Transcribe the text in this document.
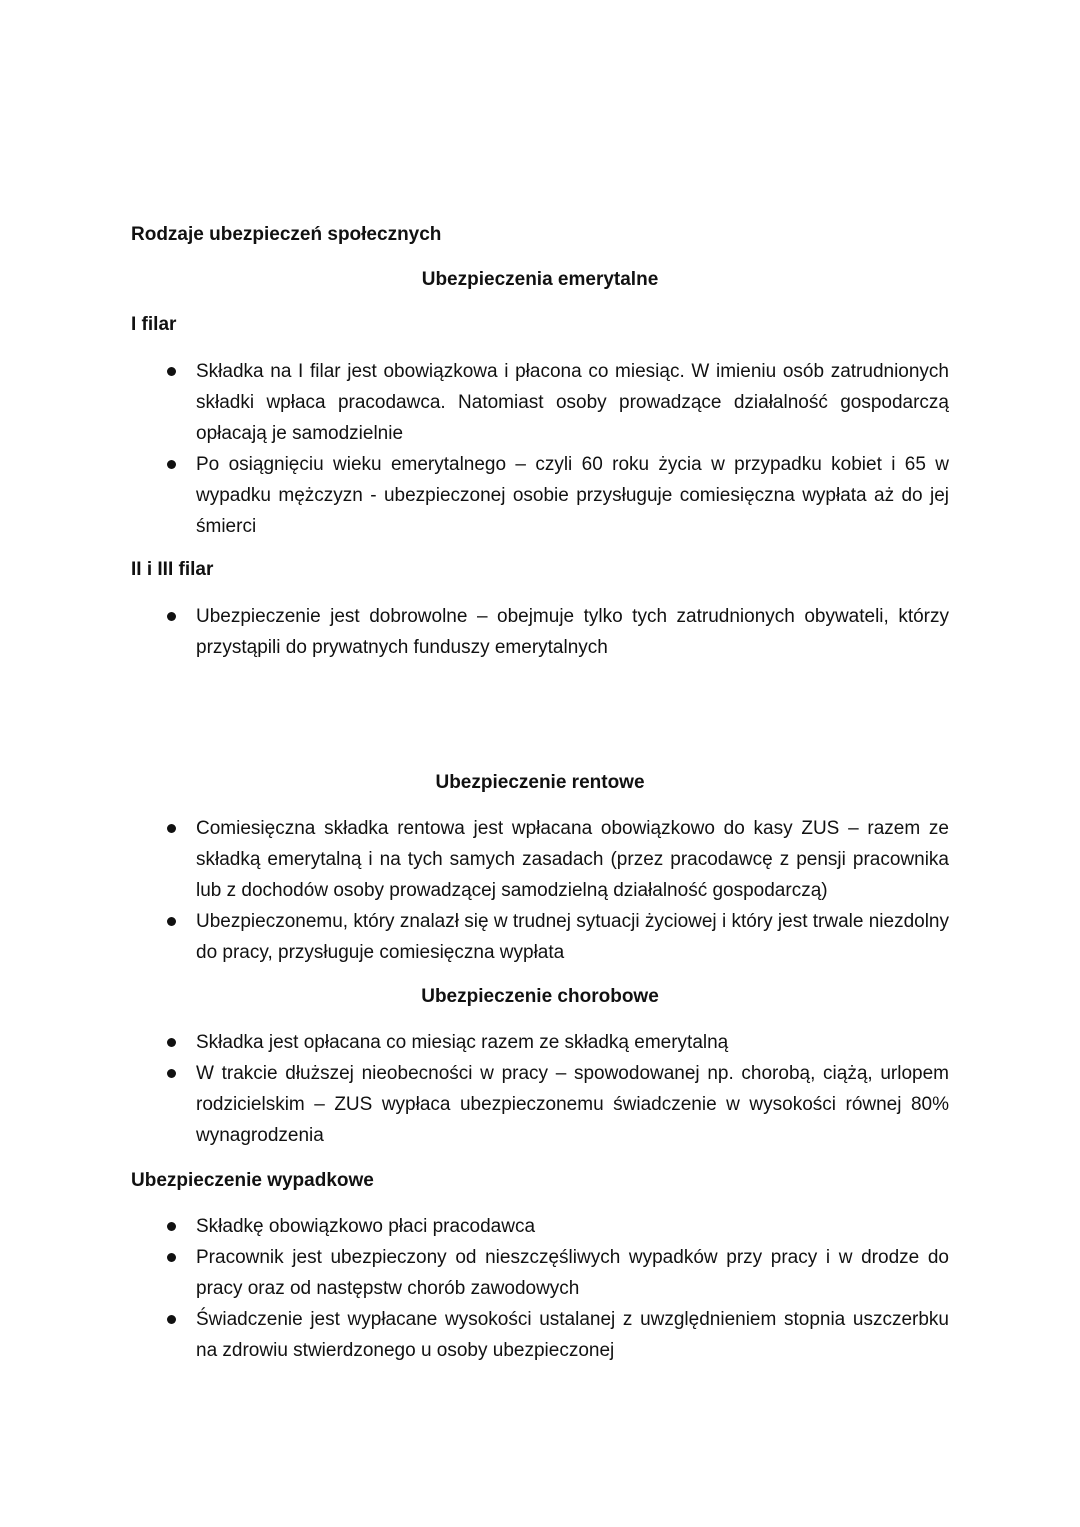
Rodzaje ubezpieczeń społecznych
Ubezpieczenia emerytalne
I filar
Składka na I filar jest obowiązkowa i płacona co miesiąc. W imieniu osób zatrudnionych składki wpłaca pracodawca. Natomiast osoby prowadzące działalność gospodarczą opłacają je samodzielnie
Po osiągnięciu wieku emerytalnego – czyli 60 roku życia w przypadku kobiet i 65 w wypadku mężczyzn - ubezpieczonej osobie przysługuje comiesięczna wypłata aż do jej śmierci
II i III filar
Ubezpieczenie jest dobrowolne – obejmuje tylko tych zatrudnionych obywateli, którzy przystąpili do prywatnych funduszy emerytalnych
Ubezpieczenie rentowe
Comiesięczna składka rentowa jest wpłacana obowiązkowo do kasy ZUS – razem ze składką emerytalną i na tych samych zasadach (przez pracodawcę z pensji pracownika lub z dochodów osoby prowadzącej samodzielną działalność gospodarczą)
Ubezpieczonemu, który znalazł się w trudnej sytuacji życiowej i który jest trwale niezdolny do pracy, przysługuje comiesięczna wypłata
Ubezpieczenie chorobowe
Składka jest opłacana co miesiąc razem ze składką emerytalną
W trakcie dłuższej nieobecności w pracy – spowodowanej np. chorobą, ciążą, urlopem rodzicielskim – ZUS wypłaca ubezpieczonemu świadczenie w wysokości równej 80% wynagrodzenia
Ubezpieczenie wypadkowe
Składkę obowiązkowo płaci pracodawca
Pracownik jest ubezpieczony od nieszczęśliwych wypadków przy pracy i w drodze do pracy oraz od następstw chorób zawodowych
Świadczenie jest wypłacane wysokości ustalanej z uwzględnieniem stopnia uszczerbku na zdrowiu stwierdzonego u osoby ubezpieczonej
